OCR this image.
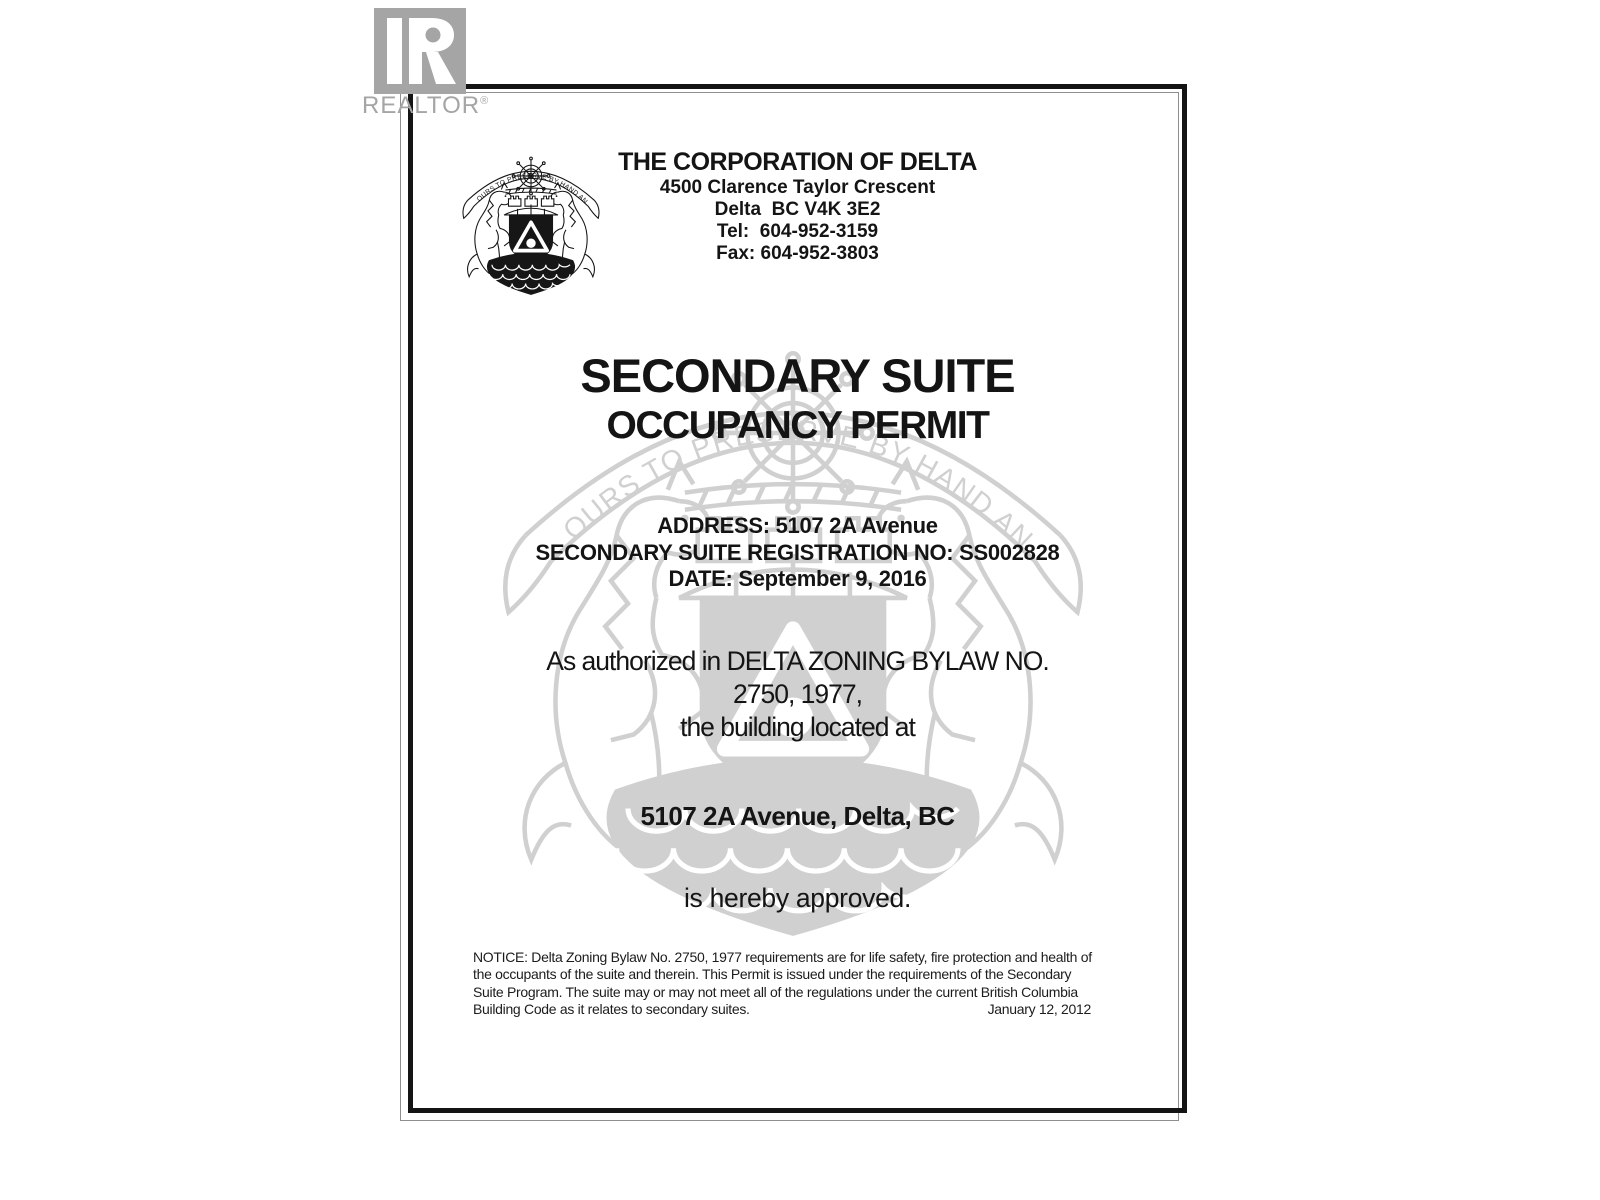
THE CORPORATION OF DELTA
4500 Clarence Taylor Crescent
Delta  BC V4K 3E2
Tel:  604-952-3159
Fax: 604-952-3803
SECONDARY SUITE
OCCUPANCY PERMIT
ADDRESS: 5107 2A Avenue
SECONDARY SUITE REGISTRATION NO: SS002828
DATE: September 9, 2016
As authorized in DELTA ZONING BYLAW NO.
2750, 1977,
the building located at
5107 2A Avenue, Delta, BC
is hereby approved.
NOTICE: Delta Zoning Bylaw No. 2750, 1977 requirements are for life safety, fire protection and health of
the occupants of the suite and therein. This Permit is issued under the requirements of the Secondary
Suite Program. The suite may or may not meet all of the regulations under the current British Columbia
Building Code as it relates to secondary suites.	January 12, 2012
REALTOR®
